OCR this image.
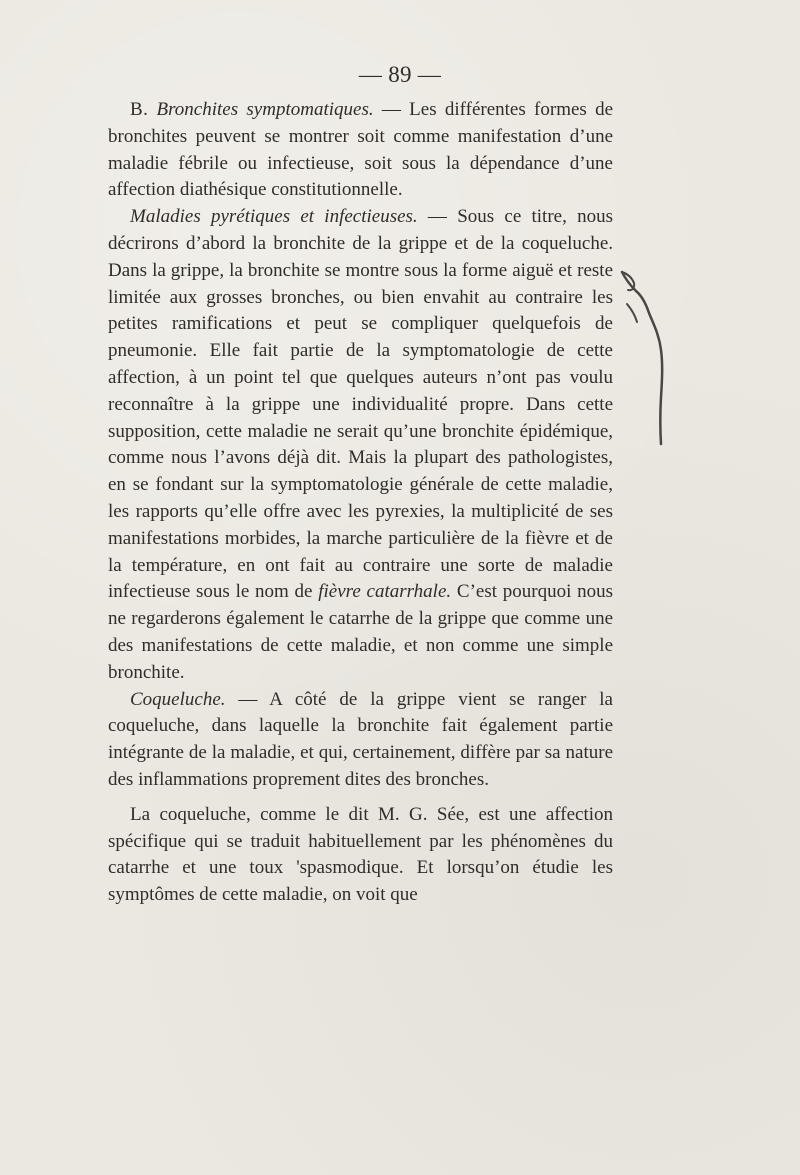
— 89 —

B. Bronchites symptomatiques. — Les différentes formes de bronchites peuvent se montrer soit comme manifestation d’une maladie fébrile ou infectieuse, soit sous la dépendance d’une affection diathésique constitutionnelle.

Maladies pyrétiques et infectieuses. — Sous ce titre, nous décrirons d’abord la bronchite de la grippe et de la coqueluche. Dans la grippe, la bronchite se montre sous la forme aiguë et reste limitée aux grosses bronches, ou bien envahit au contraire les petites ramifications et peut se compliquer quelquefois de pneumonie. Elle fait partie de la symptomatologie de cette affection, à un point tel que quelques auteurs n’ont pas voulu reconnaître à la grippe une individualité propre. Dans cette supposition, cette maladie ne serait qu’une bronchite épidémique, comme nous l’avons déjà dit. Mais la plupart des pathologistes, en se fondant sur la symptomatologie générale de cette maladie, les rapports qu’elle offre avec les pyrexies, la multiplicité de ses manifestations morbides, la marche particulière de la fièvre et de la température, en ont fait au contraire une sorte de maladie infectieuse sous le nom de fièvre catarrhale. C’est pourquoi nous ne regarderons également le catarrhe de la grippe que comme une des manifestations de cette maladie, et non comme une simple bronchite.

Coqueluche. — A côté de la grippe vient se ranger la coqueluche, dans laquelle la bronchite fait également partie intégrante de la maladie, et qui, certainement, diffère par sa nature des inflammations proprement dites des bronches.

La coqueluche, comme le dit M. G. Sée, est une affection spécifique qui se traduit habituellement par les phénomènes du catarrhe et une toux 'spasmodique. Et lorsqu’on étudie les symptômes de cette maladie, on voit que
